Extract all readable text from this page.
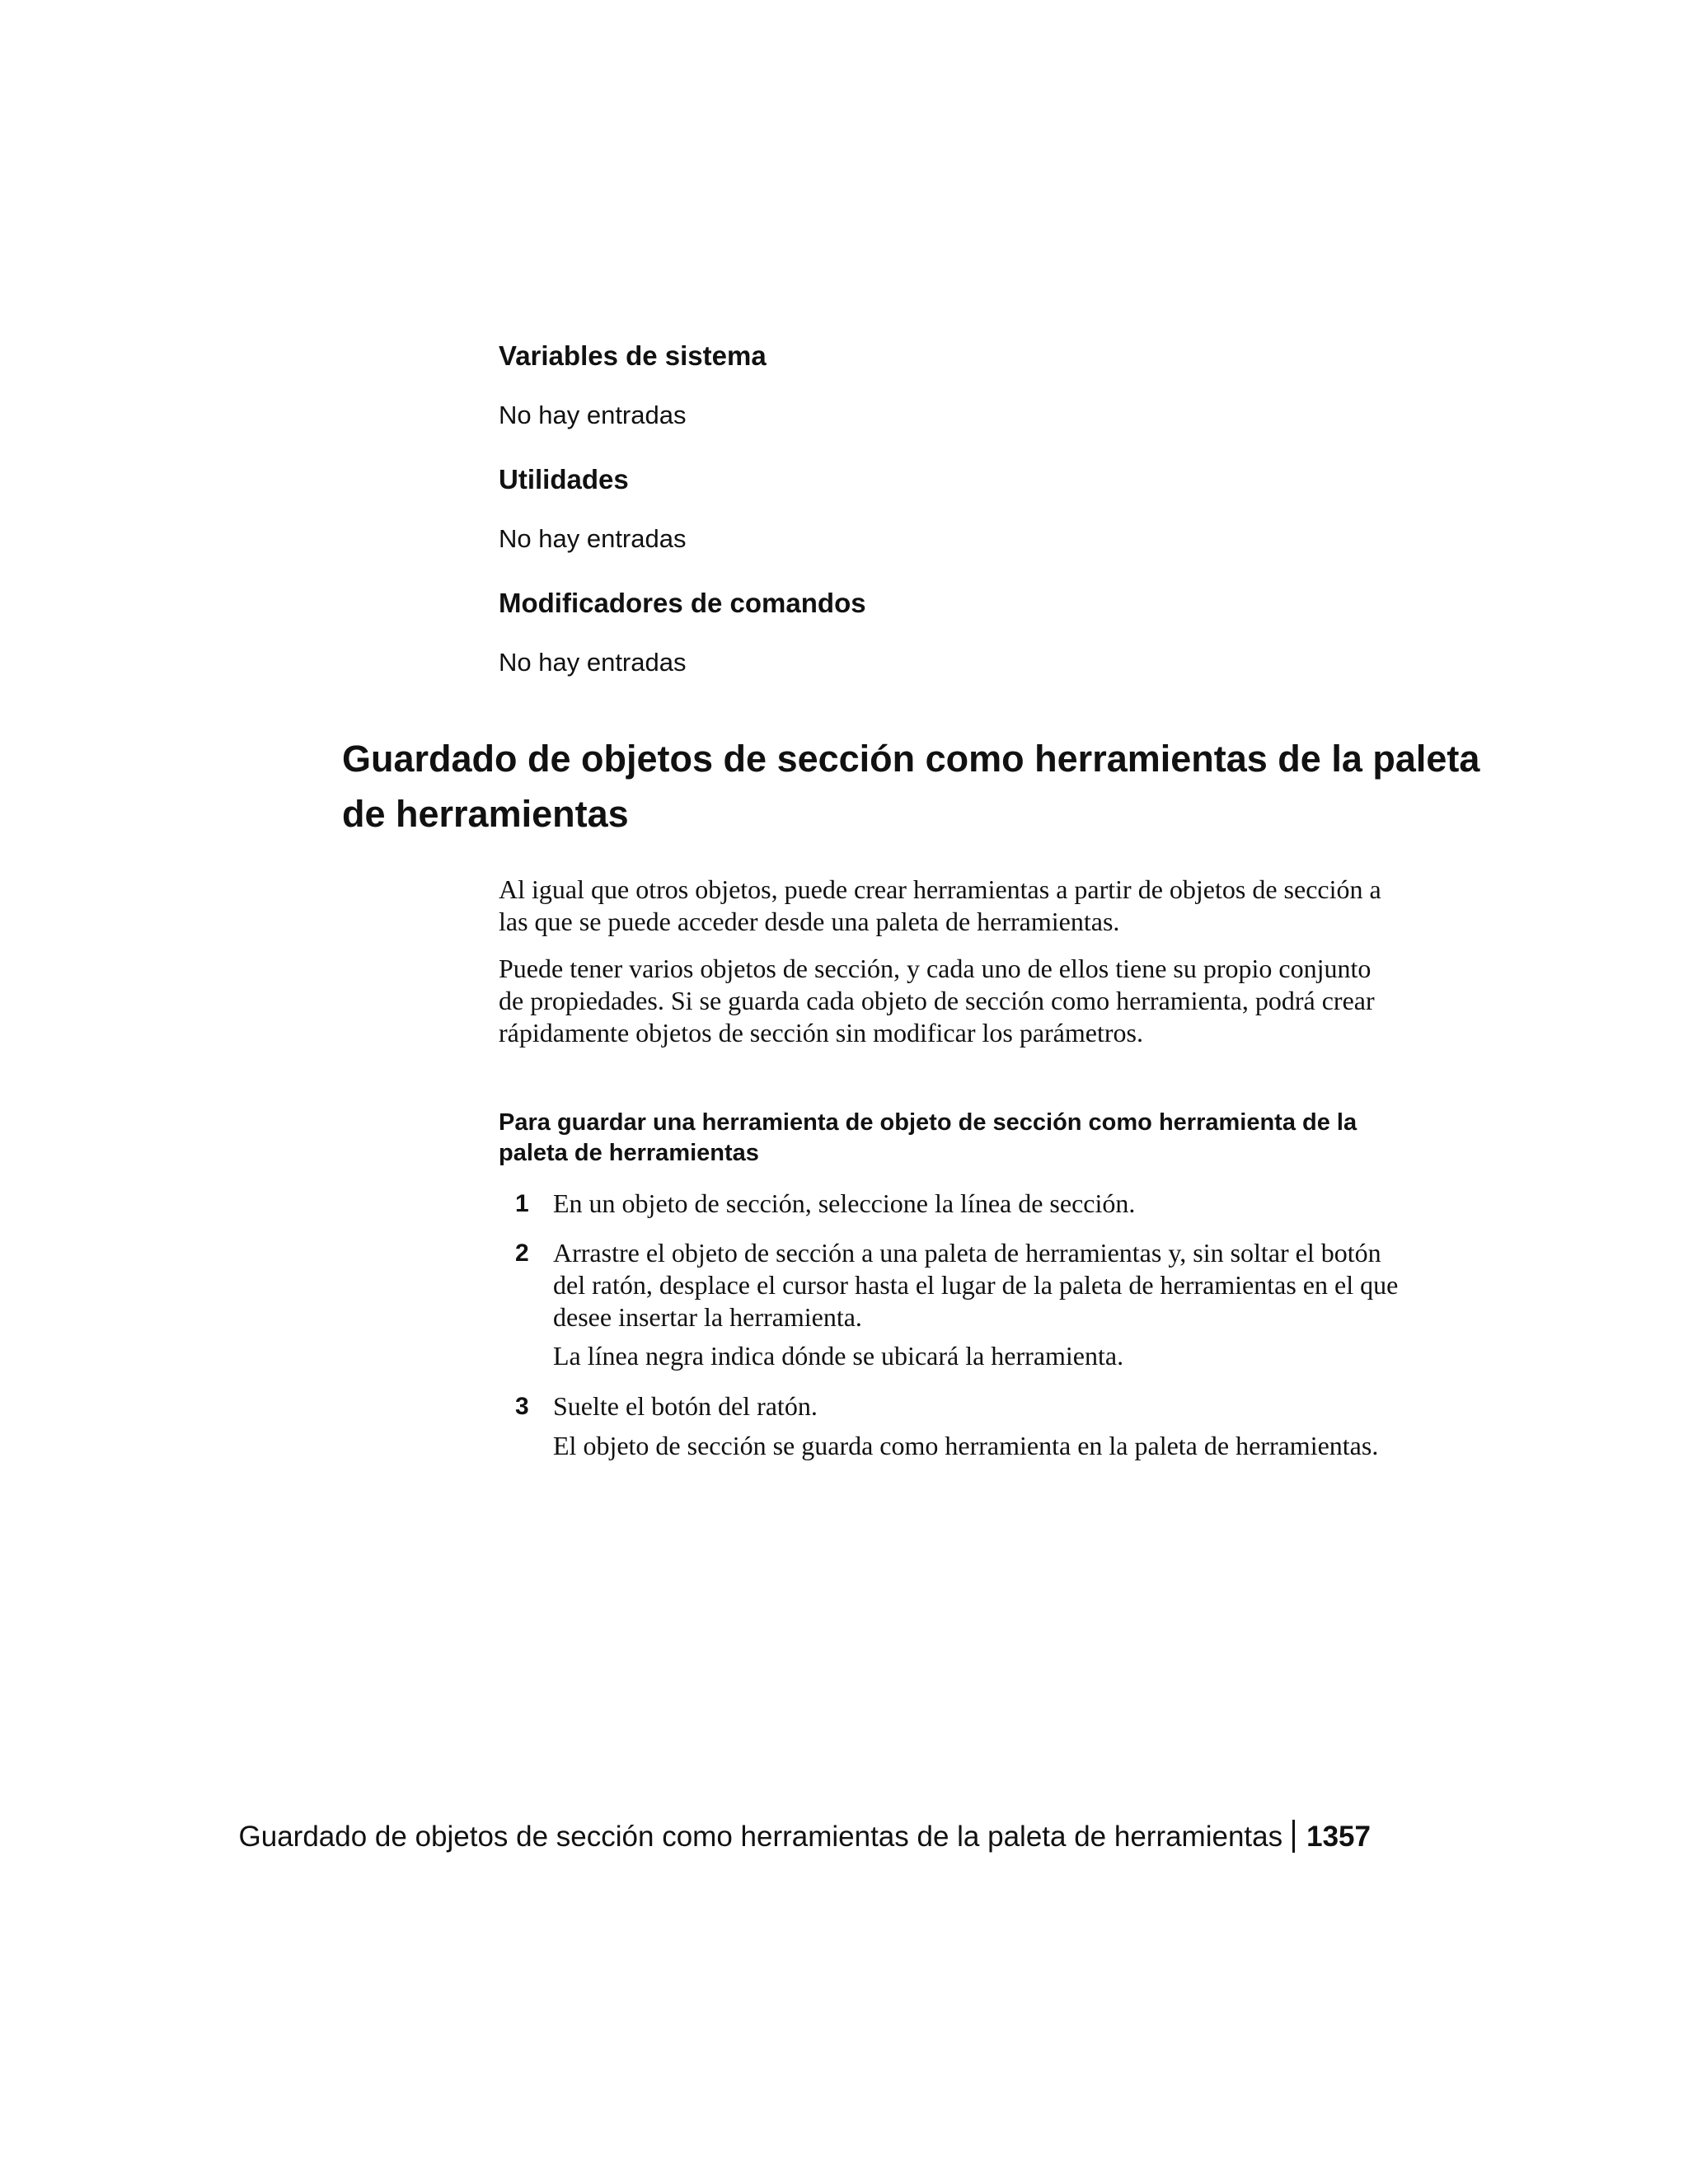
Variables de sistema
No hay entradas
Utilidades
No hay entradas
Modificadores de comandos
No hay entradas
Guardado de objetos de sección como herramientas de la paleta de herramientas

Al igual que otros objetos, puede crear herramientas a partir de objetos de sección a las que se puede acceder desde una paleta de herramientas.

Puede tener varios objetos de sección, y cada uno de ellos tiene su propio conjunto de propiedades. Si se guarda cada objeto de sección como herramienta, podrá crear rápidamente objetos de sección sin modificar los parámetros.

Para guardar una herramienta de objeto de sección como herramienta de la paleta de herramientas
1 En un objeto de sección, seleccione la línea de sección.
2 Arrastre el objeto de sección a una paleta de herramientas y, sin soltar el botón del ratón, desplace el cursor hasta el lugar de la paleta de herramientas en el que desee insertar la herramienta.
La línea negra indica dónde se ubicará la herramienta.
3 Suelte el botón del ratón.
El objeto de sección se guarda como herramienta en la paleta de herramientas.
Guardado de objetos de sección como herramientas de la paleta de herramientas 1357
